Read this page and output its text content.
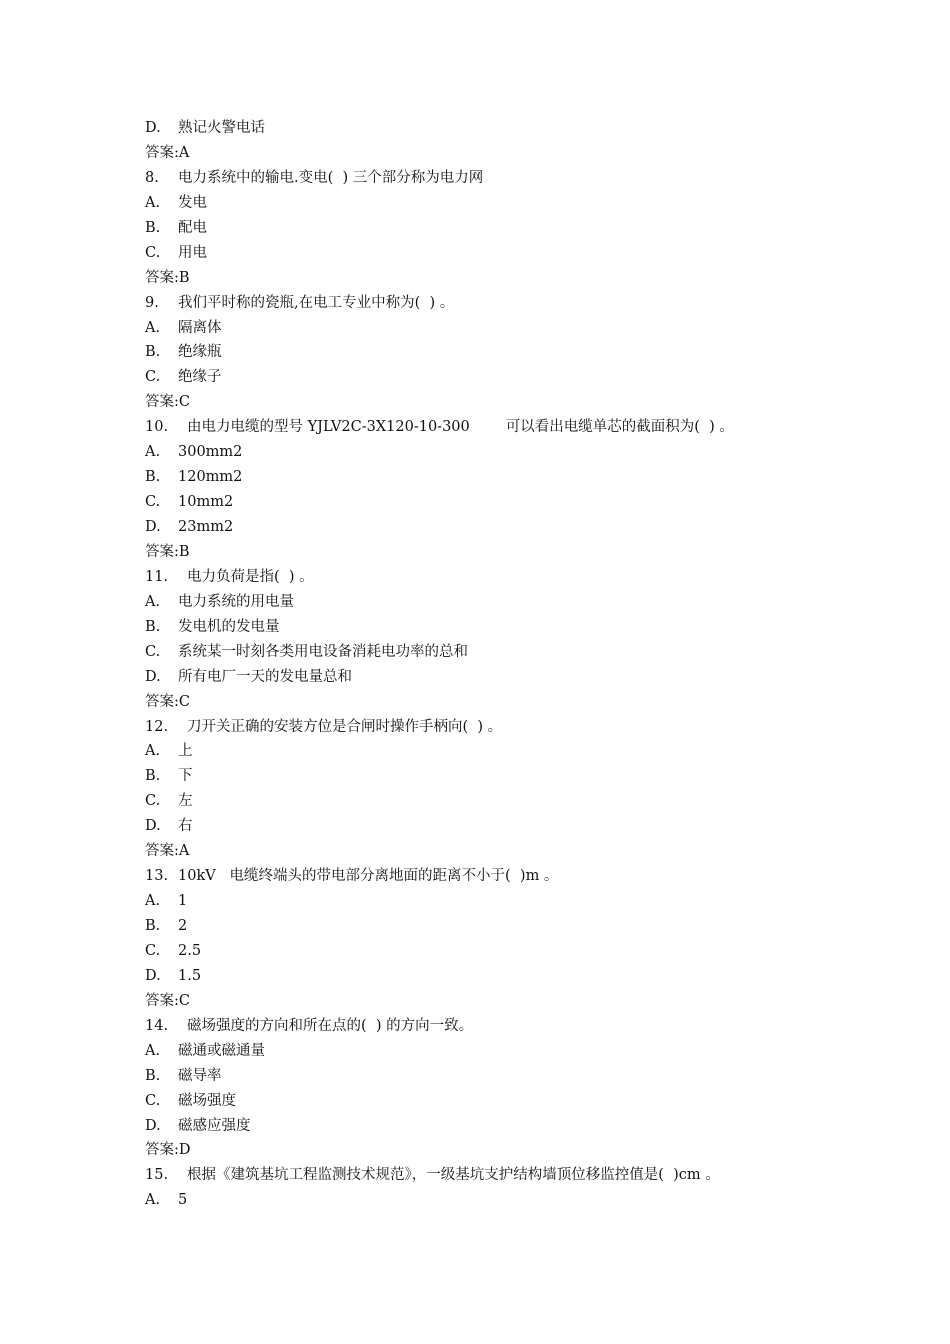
D.	熟记火警电话
答案:A
8.	电力系统中的输电.变电(  ) 三个部分称为电力网
A.	发电
B.	配电
C.	用电
答案:B
9.	我们平时称的瓷瓶,在电工专业中称为(  ) 。
A.	隔离体
B.	绝缘瓶
C.	绝缘子
答案:C
10.	由电力电缆的型号 YJLV2C-3X120-10-300 可以看出电缆单芯的截面积为(  ) 。
A.	300mm2
B.	120mm2
C.	10mm2
D.	23mm2
答案:B
11.	电力负荷是指(  ) 。
A.	电力系统的用电量
B.	发电机的发电量
C.	系统某一时刻各类用电设备消耗电功率的总和
D.	所有电厂一天的发电量总和
答案:C
12.	刀开关正确的安装方位是合闸时操作手柄向(  ) 。
A.	上
B.	下
C.	左
D.	右
答案:A
13. 10kV   电缆终端头的带电部分离地面的距离不小于(  )m 。
A.	1
B.	2
C.	2.5
D.	1.5
答案:C
14.	磁场强度的方向和所在点的(  ) 的方向一致。
A.	磁通或磁通量
B.	磁导率
C.	磁场强度
D.	磁感应强度
答案:D
15.	根据《建筑基坑工程监测技术规范》，一级基坑支护结构墙顶位移监控值是(  )cm 。
A.	5
